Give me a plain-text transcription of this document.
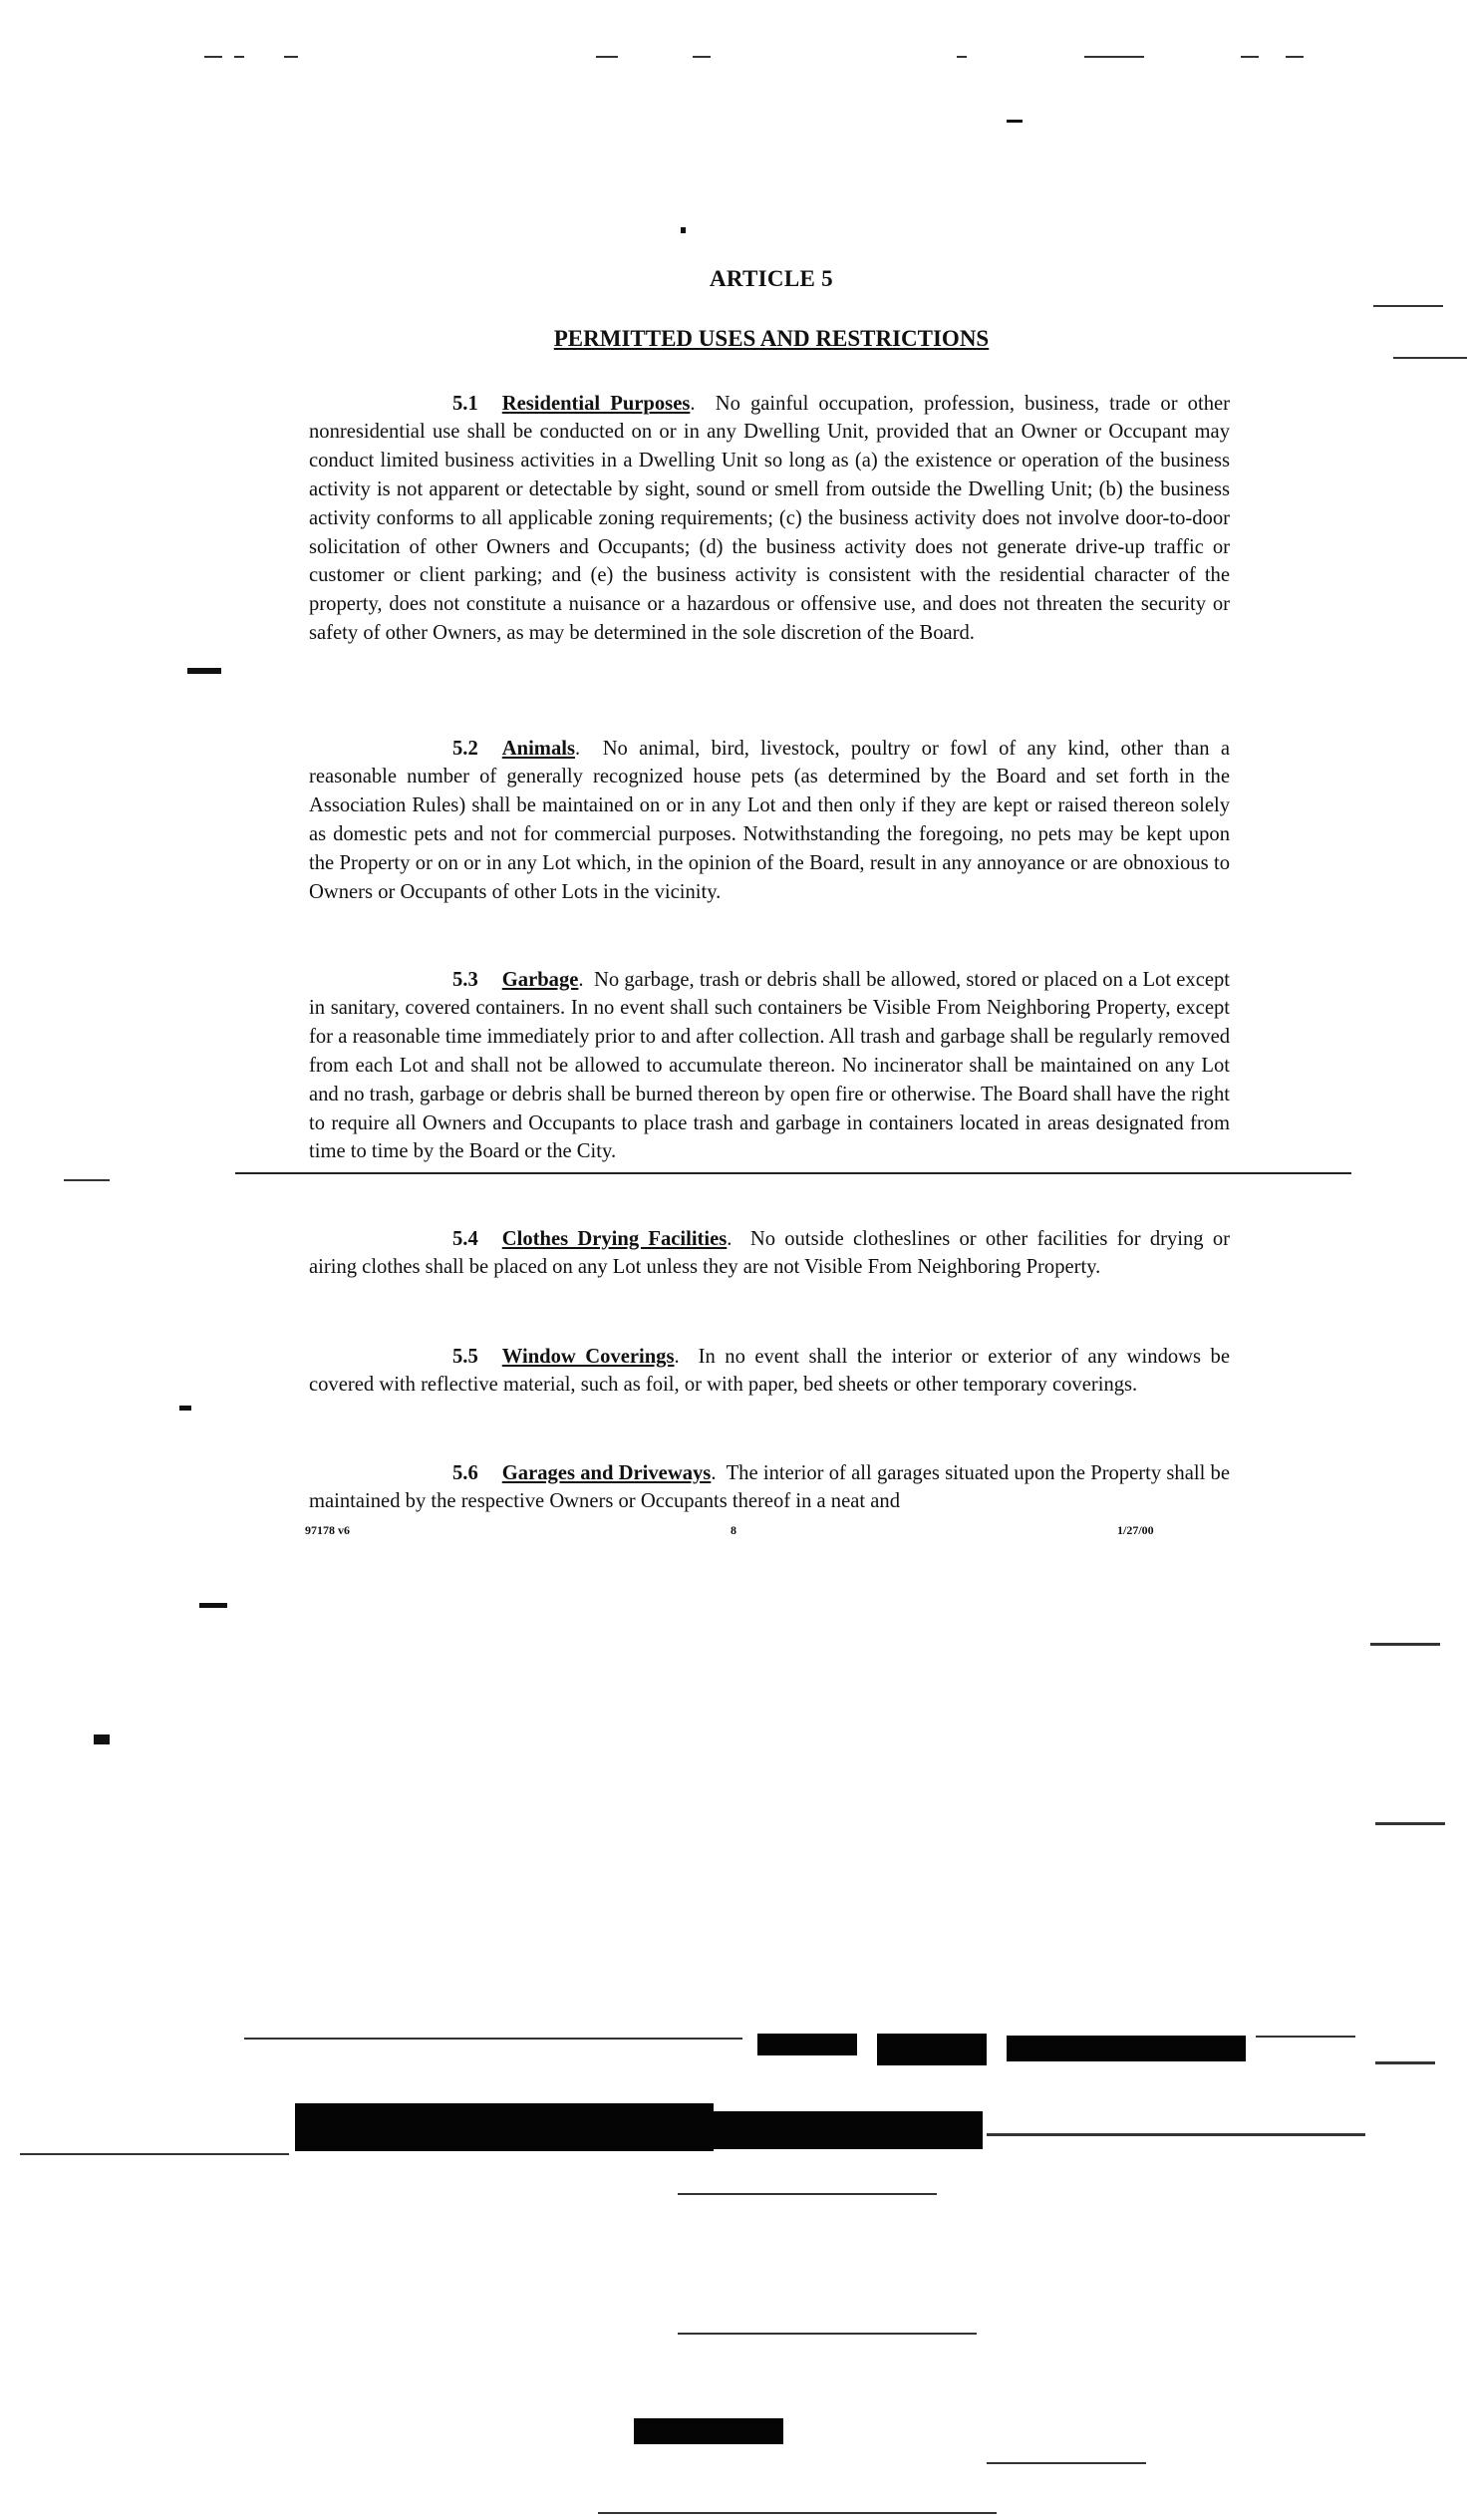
ARTICLE 5
PERMITTED USES AND RESTRICTIONS

5.1 Residential Purposes.  No gainful occupation, profession, business, trade or other nonresidential use shall be conducted on or in any Dwelling Unit, provided that an Owner or Occupant may conduct limited business activities in a Dwelling Unit so long as (a) the existence or operation of the business activity is not apparent or detectable by sight, sound or smell from outside the Dwelling Unit; (b) the business activity conforms to all applicable zoning requirements; (c) the business activity does not involve door-to-door solicitation of other Owners and Occupants; (d) the business activity does not generate drive-up traffic or customer or client parking; and (e) the business activity is consistent with the residential character of the property, does not constitute a nuisance or a hazardous or offensive use, and does not threaten the security or safety of other Owners, as may be determined in the sole discretion of the Board.

5.2 Animals.  No animal, bird, livestock, poultry or fowl of any kind, other than a reasonable number of generally recognized house pets (as determined by the Board and set forth in the Association Rules) shall be maintained on or in any Lot and then only if they are kept or raised thereon solely as domestic pets and not for commercial purposes. Notwithstanding the foregoing, no pets may be kept upon the Property or on or in any Lot which, in the opinion of the Board, result in any annoyance or are obnoxious to Owners or Occupants of other Lots in the vicinity.

5.3 Garbage.  No garbage, trash or debris shall be allowed, stored or placed on a Lot except in sanitary, covered containers. In no event shall such containers be Visible From Neighboring Property, except for a reasonable time immediately prior to and after collection. All trash and garbage shall be regularly removed from each Lot and shall not be allowed to accumulate thereon. No incinerator shall be maintained on any Lot and no trash, garbage or debris shall be burned thereon by open fire or otherwise. The Board shall have the right to require all Owners and Occupants to place trash and garbage in containers located in areas designated from time to time by the Board or the City.

5.4 Clothes Drying Facilities.  No outside clotheslines or other facilities for drying or airing clothes shall be placed on any Lot unless they are not Visible From Neighboring Property.

5.5 Window Coverings.  In no event shall the interior or exterior of any windows be covered with reflective material, such as foil, or with paper, bed sheets or other temporary coverings.

5.6 Garages and Driveways.  The interior of all garages situated upon the Property shall be maintained by the respective Owners or Occupants thereof in a neat and

97178 v6	8	1/27/00
